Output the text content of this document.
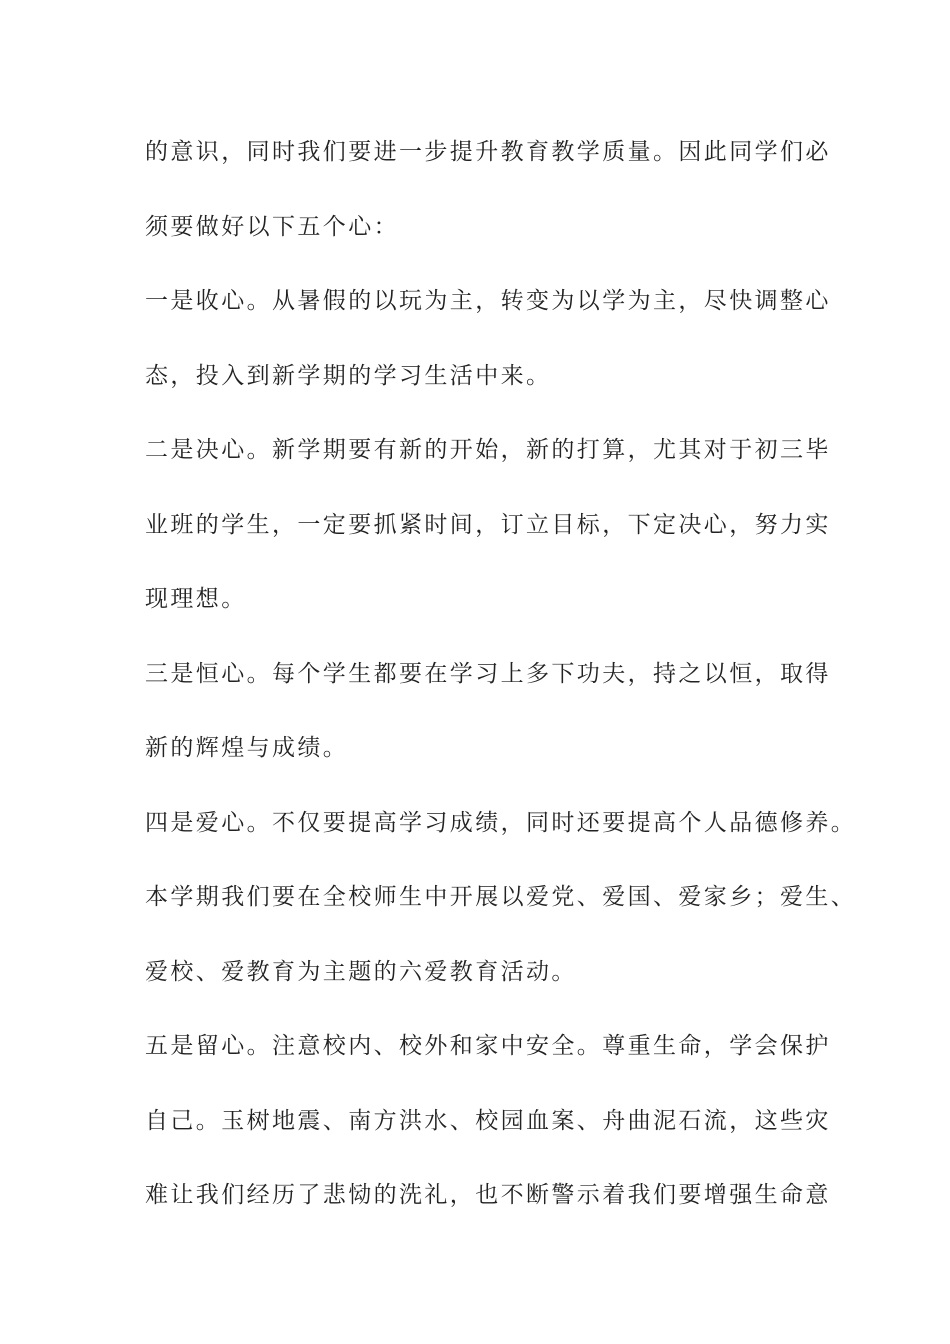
的意识，同时我们要进一步提升教育教学质量。因此同学们必
须要做好以下五个心：
一是收心。从暑假的以玩为主，转变为以学为主，尽快调整心
态，投入到新学期的学习生活中来。
二是决心。新学期要有新的开始，新的打算，尤其对于初三毕
业班的学生，一定要抓紧时间，订立目标，下定决心，努力实
现理想。
三是恒心。每个学生都要在学习上多下功夫，持之以恒，取得
新的辉煌与成绩。
四是爱心。不仅要提高学习成绩，同时还要提高个人品德修养。
本学期我们要在全校师生中开展以爱党、爱国、爱家乡；爱生、
爱校、爱教育为主题的六爱教育活动。
五是留心。注意校内、校外和家中安全。尊重生命，学会保护
自己。玉树地震、南方洪水、校园血案、舟曲泥石流，这些灾
难让我们经历了悲恸的洗礼，也不断警示着我们要增强生命意
